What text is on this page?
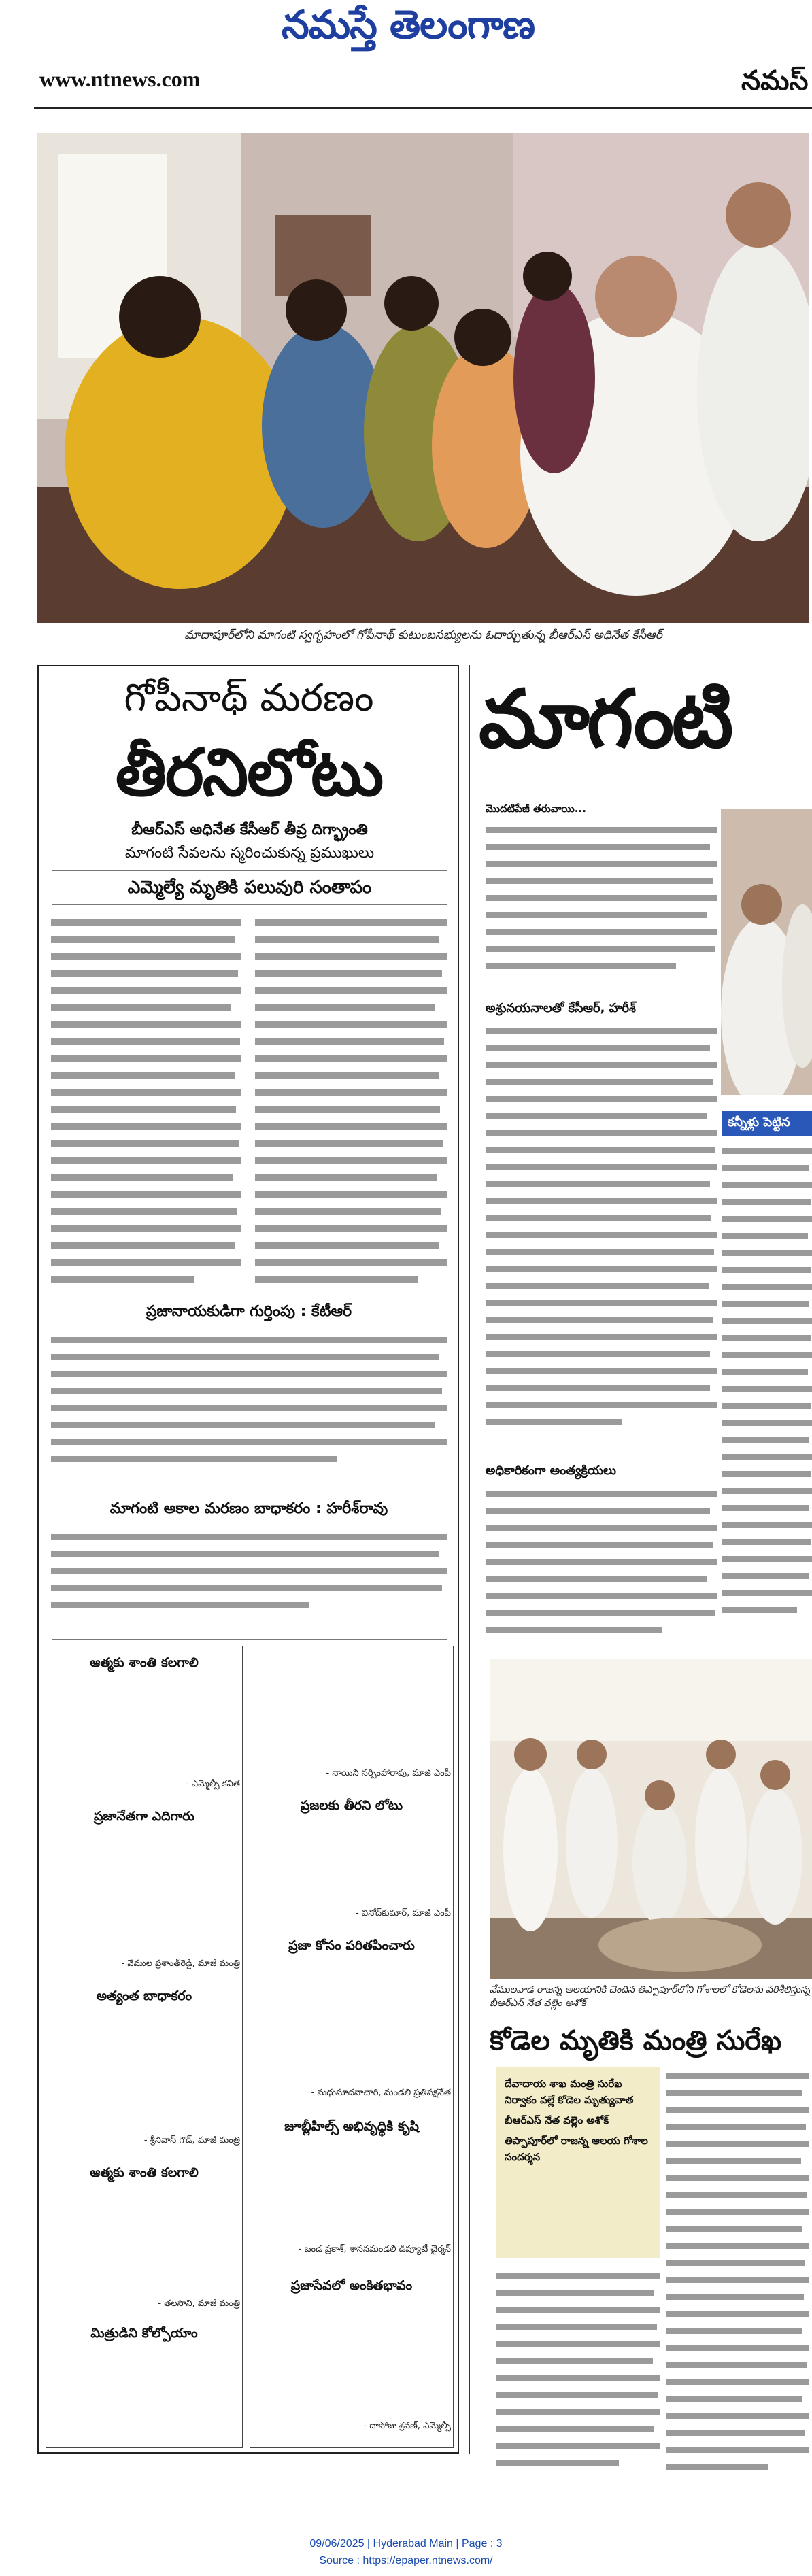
నమస్తే తెలంగాణ
www.ntnews.com	నమస్
మాదాపూర్‌లోని మాగంటి స్వగృహంలో గోపీనాథ్ కుటుంబసభ్యులను ఓదార్చుతున్న బీఆర్‌ఎస్ అధినేత కేసీఆర్
గోపీనాథ్ మరణం
తీరనిలోటు
బీఆర్‌ఎస్ అధినేత కేసీఆర్ తీవ్ర దిగ్భ్రాంతి
మాగంటి సేవలను స్మరించుకున్న ప్రముఖులు
ఎమ్మెల్యే మృతికి పలువురి సంతాపం
ప్రజానాయకుడిగా గుర్తింపు : కేటీఆర్
మాగంటి అకాల మరణం బాధాకరం : హరీశ్‌రావు
ఆత్మకు శాంతి కలగాలి
- ఎమ్మెల్సీ కవిత
ప్రజానేతగా ఎదిగారు
- వేముల ప్రశాంత్‌రెడ్డి, మాజీ మంత్రి
అత్యంత బాధాకరం
- శ్రీనివాస్ గౌడ్, మాజీ మంత్రి
ఆత్మకు శాంతి కలగాలి
- తలసాని, మాజీ మంత్రి
మిత్రుడిని కోల్పోయాం
- నాయిని నర్సింహారావు, మాజీ ఎంపీ
ప్రజలకు తీరని లోటు
- వినోద్‌కుమార్, మాజీ ఎంపీ
ప్రజా కోసం పరితపించారు
- మధుసూదనాచారి, మండలి ప్రతిపక్షనేత
జూబ్లీహిల్స్ అభివృద్ధికి కృషి
- బండ ప్రకాశ్, శాసనమండలి డిప్యూటీ చైర్మన్
ప్రజాసేవలో అంకితభావం
- దాసోజు శ్రవణ్, ఎమ్మెల్సీ
మాగంటి
మొదటిపేజీ తరువాయి...
అశ్రునయనాలతో కేసీఆర్, హరీశ్
అధికారికంగా అంత్యక్రియలు
కన్నీళ్లు పెట్టిన
వేములవాడ రాజన్న ఆలయానికి చెందిన తిప్పాపూర్‌లోని గోశాలలో కోడెలను పరిశీలిస్తున్న బీఆర్‌ఎస్ నేత వల్లెం అశోక్
కోడెల మృతికి మంత్రి సురేఖ
దేవాదాయ శాఖ మంత్రి సురేఖ నిర్వాకం వల్లే కోడెల మృత్యువాత
బీఆర్‌ఎస్ నేత వల్లెం అశోక్
తిప్పాపూర్‌లో రాజన్న ఆలయ గోశాల సందర్శన
09/06/2025 | Hyderabad Main | Page : 3
Source : https://epaper.ntnews.com/
